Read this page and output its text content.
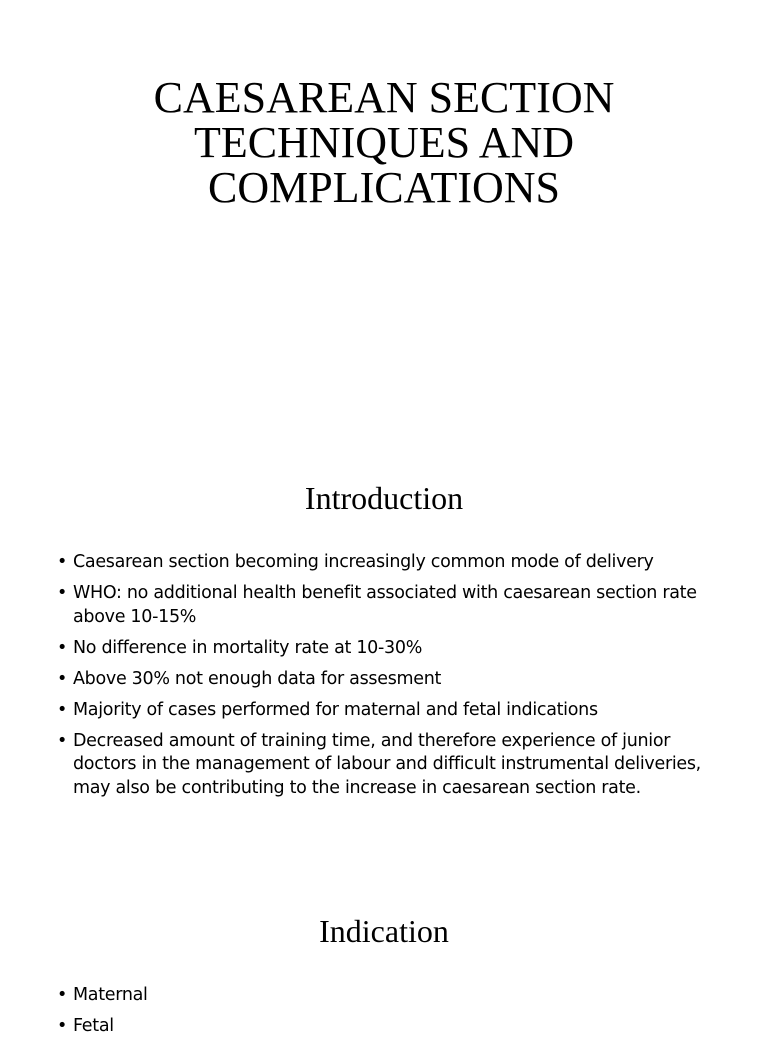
CAESAREAN SECTION
TECHNIQUES AND
COMPLICATIONS
Introduction
• Caesarean section becoming increasingly common mode of delivery
• WHO: no additional health benefit associated with caesarean section rate above 10-15%
• No difference in mortality rate at 10-30%
• Above 30% not enough data for assesment
• Majority of cases performed for maternal and fetal indications
• Decreased amount of training time, and therefore experience of junior doctors in the management of labour and difficult instrumental deliveries, may also be contributing to the increase in caesarean section rate.
Indication
• Maternal
• Fetal
